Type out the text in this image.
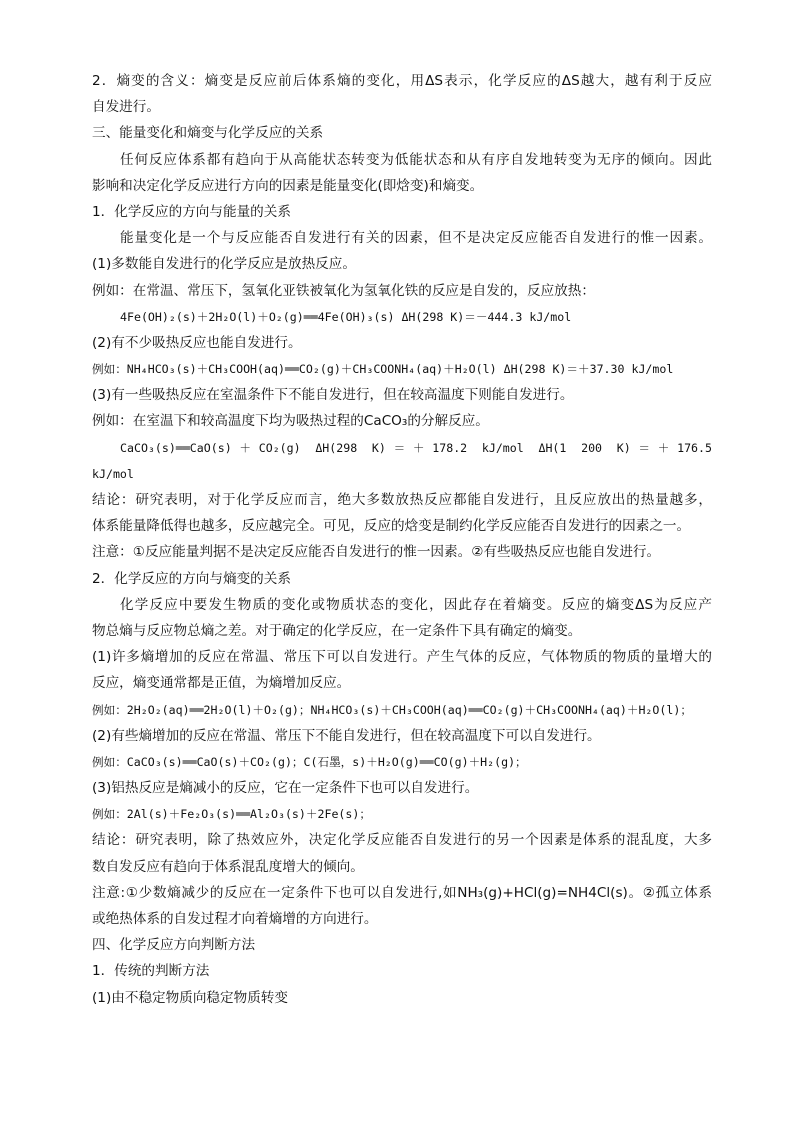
2．熵变的含义：熵变是反应前后体系熵的变化，用ΔS表示，化学反应的ΔS越大，越有利于反应
自发进行。
三、能量变化和熵变与化学反应的关系
任何反应体系都有趋向于从高能状态转变为低能状态和从有序自发地转变为无序的倾向。因此
影响和决定化学反应进行方向的因素是能量变化(即焓变)和熵变。
1．化学反应的方向与能量的关系
能量变化是一个与反应能否自发进行有关的因素，但不是决定反应能否自发进行的惟一因素。
(1)多数能自发进行的化学反应是放热反应。
例如：在常温、常压下，氢氧化亚铁被氧化为氢氧化铁的反应是自发的，反应放热：
4Fe(OH)₂(s)＋2H₂O(l)＋O₂(g)══4Fe(OH)₃(s) ΔH(298 K)＝－444.3 kJ/mol
(2)有不少吸热反应也能自发进行。
例如：NH₄HCO₃(s)＋CH₃COOH(aq)══CO₂(g)＋CH₃COONH₄(aq)＋H₂O(l) ΔH(298 K)＝＋37.30 kJ/mol
(3)有一些吸热反应在室温条件下不能自发进行，但在较高温度下则能自发进行。
例如：在室温下和较高温度下均为吸热过程的CaCO₃的分解反应。
CaCO₃(s)══CaO(s)＋CO₂(g) ΔH(298 K)＝＋178.2 kJ/mol ΔH(1 200 K)＝＋176.5
kJ/mol
结论：研究表明，对于化学反应而言，绝大多数放热反应都能自发进行，且反应放出的热量越多，
体系能量降低得也越多，反应越完全。可见，反应的焓变是制约化学反应能否自发进行的因素之一。
注意：①反应能量判据不是决定反应能否自发进行的惟一因素。②有些吸热反应也能自发进行。
2．化学反应的方向与熵变的关系
化学反应中要发生物质的变化或物质状态的变化，因此存在着熵变。反应的熵变ΔS为反应产
物总熵与反应物总熵之差。对于确定的化学反应，在一定条件下具有确定的熵变。
(1)许多熵增加的反应在常温、常压下可以自发进行。产生气体的反应，气体物质的物质的量增大的
反应，熵变通常都是正值，为熵增加反应。
例如：2H₂O₂(aq)══2H₂O(l)＋O₂(g)；NH₄HCO₃(s)＋CH₃COOH(aq)══CO₂(g)＋CH₃COONH₄(aq)＋H₂O(l)；
(2)有些熵增加的反应在常温、常压下不能自发进行，但在较高温度下可以自发进行。
例如：CaCO₃(s)══CaO(s)＋CO₂(g)；C(石墨，s)＋H₂O(g)══CO(g)＋H₂(g)；
(3)铝热反应是熵减小的反应，它在一定条件下也可以自发进行。
例如：2Al(s)＋Fe₂O₃(s)══Al₂O₃(s)＋2Fe(s)；
结论：研究表明，除了热效应外，决定化学反应能否自发进行的另一个因素是体系的混乱度，大多
数自发反应有趋向于体系混乱度增大的倾向。
注意:①少数熵减少的反应在一定条件下也可以自发进行,如NH₃(g)+HCl(g)=NH4Cl(s)。②孤立体系
或绝热体系的自发过程才向着熵增的方向进行。
四、化学反应方向判断方法
1．传统的判断方法
(1)由不稳定物质向稳定物质转变
